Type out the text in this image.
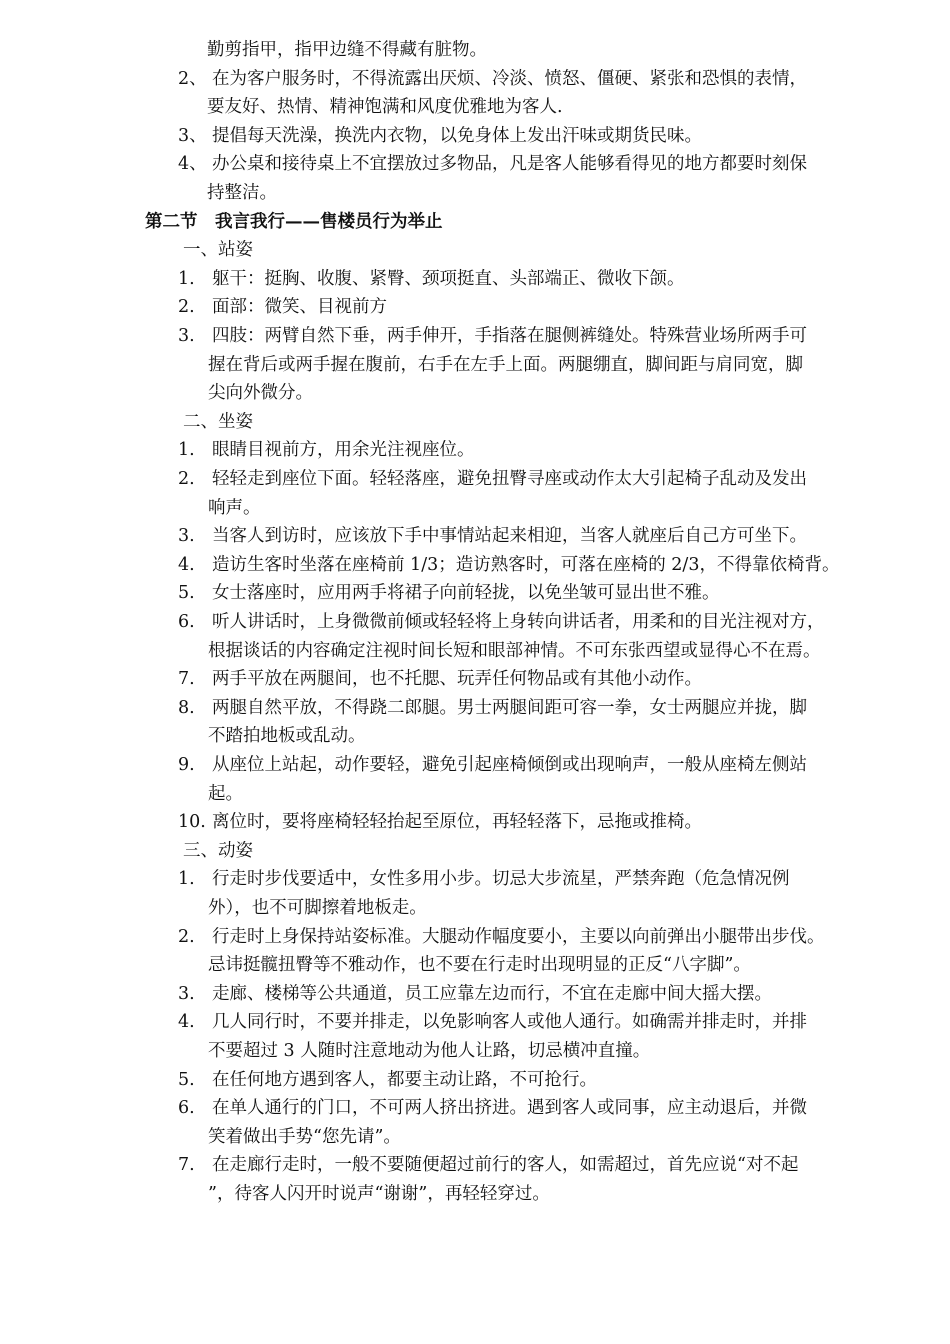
勤剪指甲，指甲边缝不得藏有脏物。
2、 在为客户服务时，不得流露出厌烦、冷淡、愤怒、僵硬、紧张和恐惧的表情，
要友好、热情、精神饱满和风度优雅地为客人.
3、 提倡每天洗澡，换洗内衣物，以免身体上发出汗味或期货民味。
4、 办公桌和接待桌上不宜摆放过多物品，凡是客人能够看得见的地方都要时刻保
持整洁。
第二节　我言我行——售楼员行为举止
一、站姿
1. 躯干：挺胸、收腹、紧臀、颈项挺直、头部端正、微收下颌。
2. 面部：微笑、目视前方
3. 四肢：两臂自然下垂，两手伸开，手指落在腿侧裤缝处。特殊营业场所两手可
握在背后或两手握在腹前，右手在左手上面。两腿绷直，脚间距与肩同宽，脚
尖向外微分。
二、坐姿
1. 眼睛目视前方，用余光注视座位。
2. 轻轻走到座位下面。轻轻落座，避免扭臀寻座或动作太大引起椅子乱动及发出
响声。
3. 当客人到访时，应该放下手中事情站起来相迎，当客人就座后自己方可坐下。
4. 造访生客时坐落在座椅前 1/3；造访熟客时，可落在座椅的 2/3，不得靠依椅背。
5. 女士落座时，应用两手将裙子向前轻拢，以免坐皱可显出世不雅。
6. 听人讲话时，上身微微前倾或轻轻将上身转向讲话者，用柔和的目光注视对方，
根据谈话的内容确定注视时间长短和眼部神情。不可东张西望或显得心不在焉。
7. 两手平放在两腿间，也不托腮、玩弄任何物品或有其他小动作。
8. 两腿自然平放，不得跷二郎腿。男士两腿间距可容一拳，女士两腿应并拢，脚
不踏拍地板或乱动。
9. 从座位上站起，动作要轻，避免引起座椅倾倒或出现响声，一般从座椅左侧站
起。
10. 离位时，要将座椅轻轻抬起至原位，再轻轻落下，忌拖或推椅。
三、动姿
1. 行走时步伐要适中，女性多用小步。切忌大步流星，严禁奔跑（危急情况例
外），也不可脚擦着地板走。
2. 行走时上身保持站姿标准。大腿动作幅度要小，主要以向前弹出小腿带出步伐。
忌讳挺髋扭臀等不雅动作，也不要在行走时出现明显的正反“八字脚”。
3. 走廊、楼梯等公共通道，员工应靠左边而行，不宜在走廊中间大摇大摆。
4. 几人同行时，不要并排走，以免影响客人或他人通行。如确需并排走时，并排
不要超过 3 人随时注意地动为他人让路，切忌横冲直撞。
5. 在任何地方遇到客人，都要主动让路，不可抢行。
6. 在单人通行的门口，不可两人挤出挤进。遇到客人或同事，应主动退后，并微
笑着做出手势“您先请”。
7. 在走廊行走时，一般不要随便超过前行的客人，如需超过，首先应说“对不起
”，待客人闪开时说声“谢谢”，再轻轻穿过。
